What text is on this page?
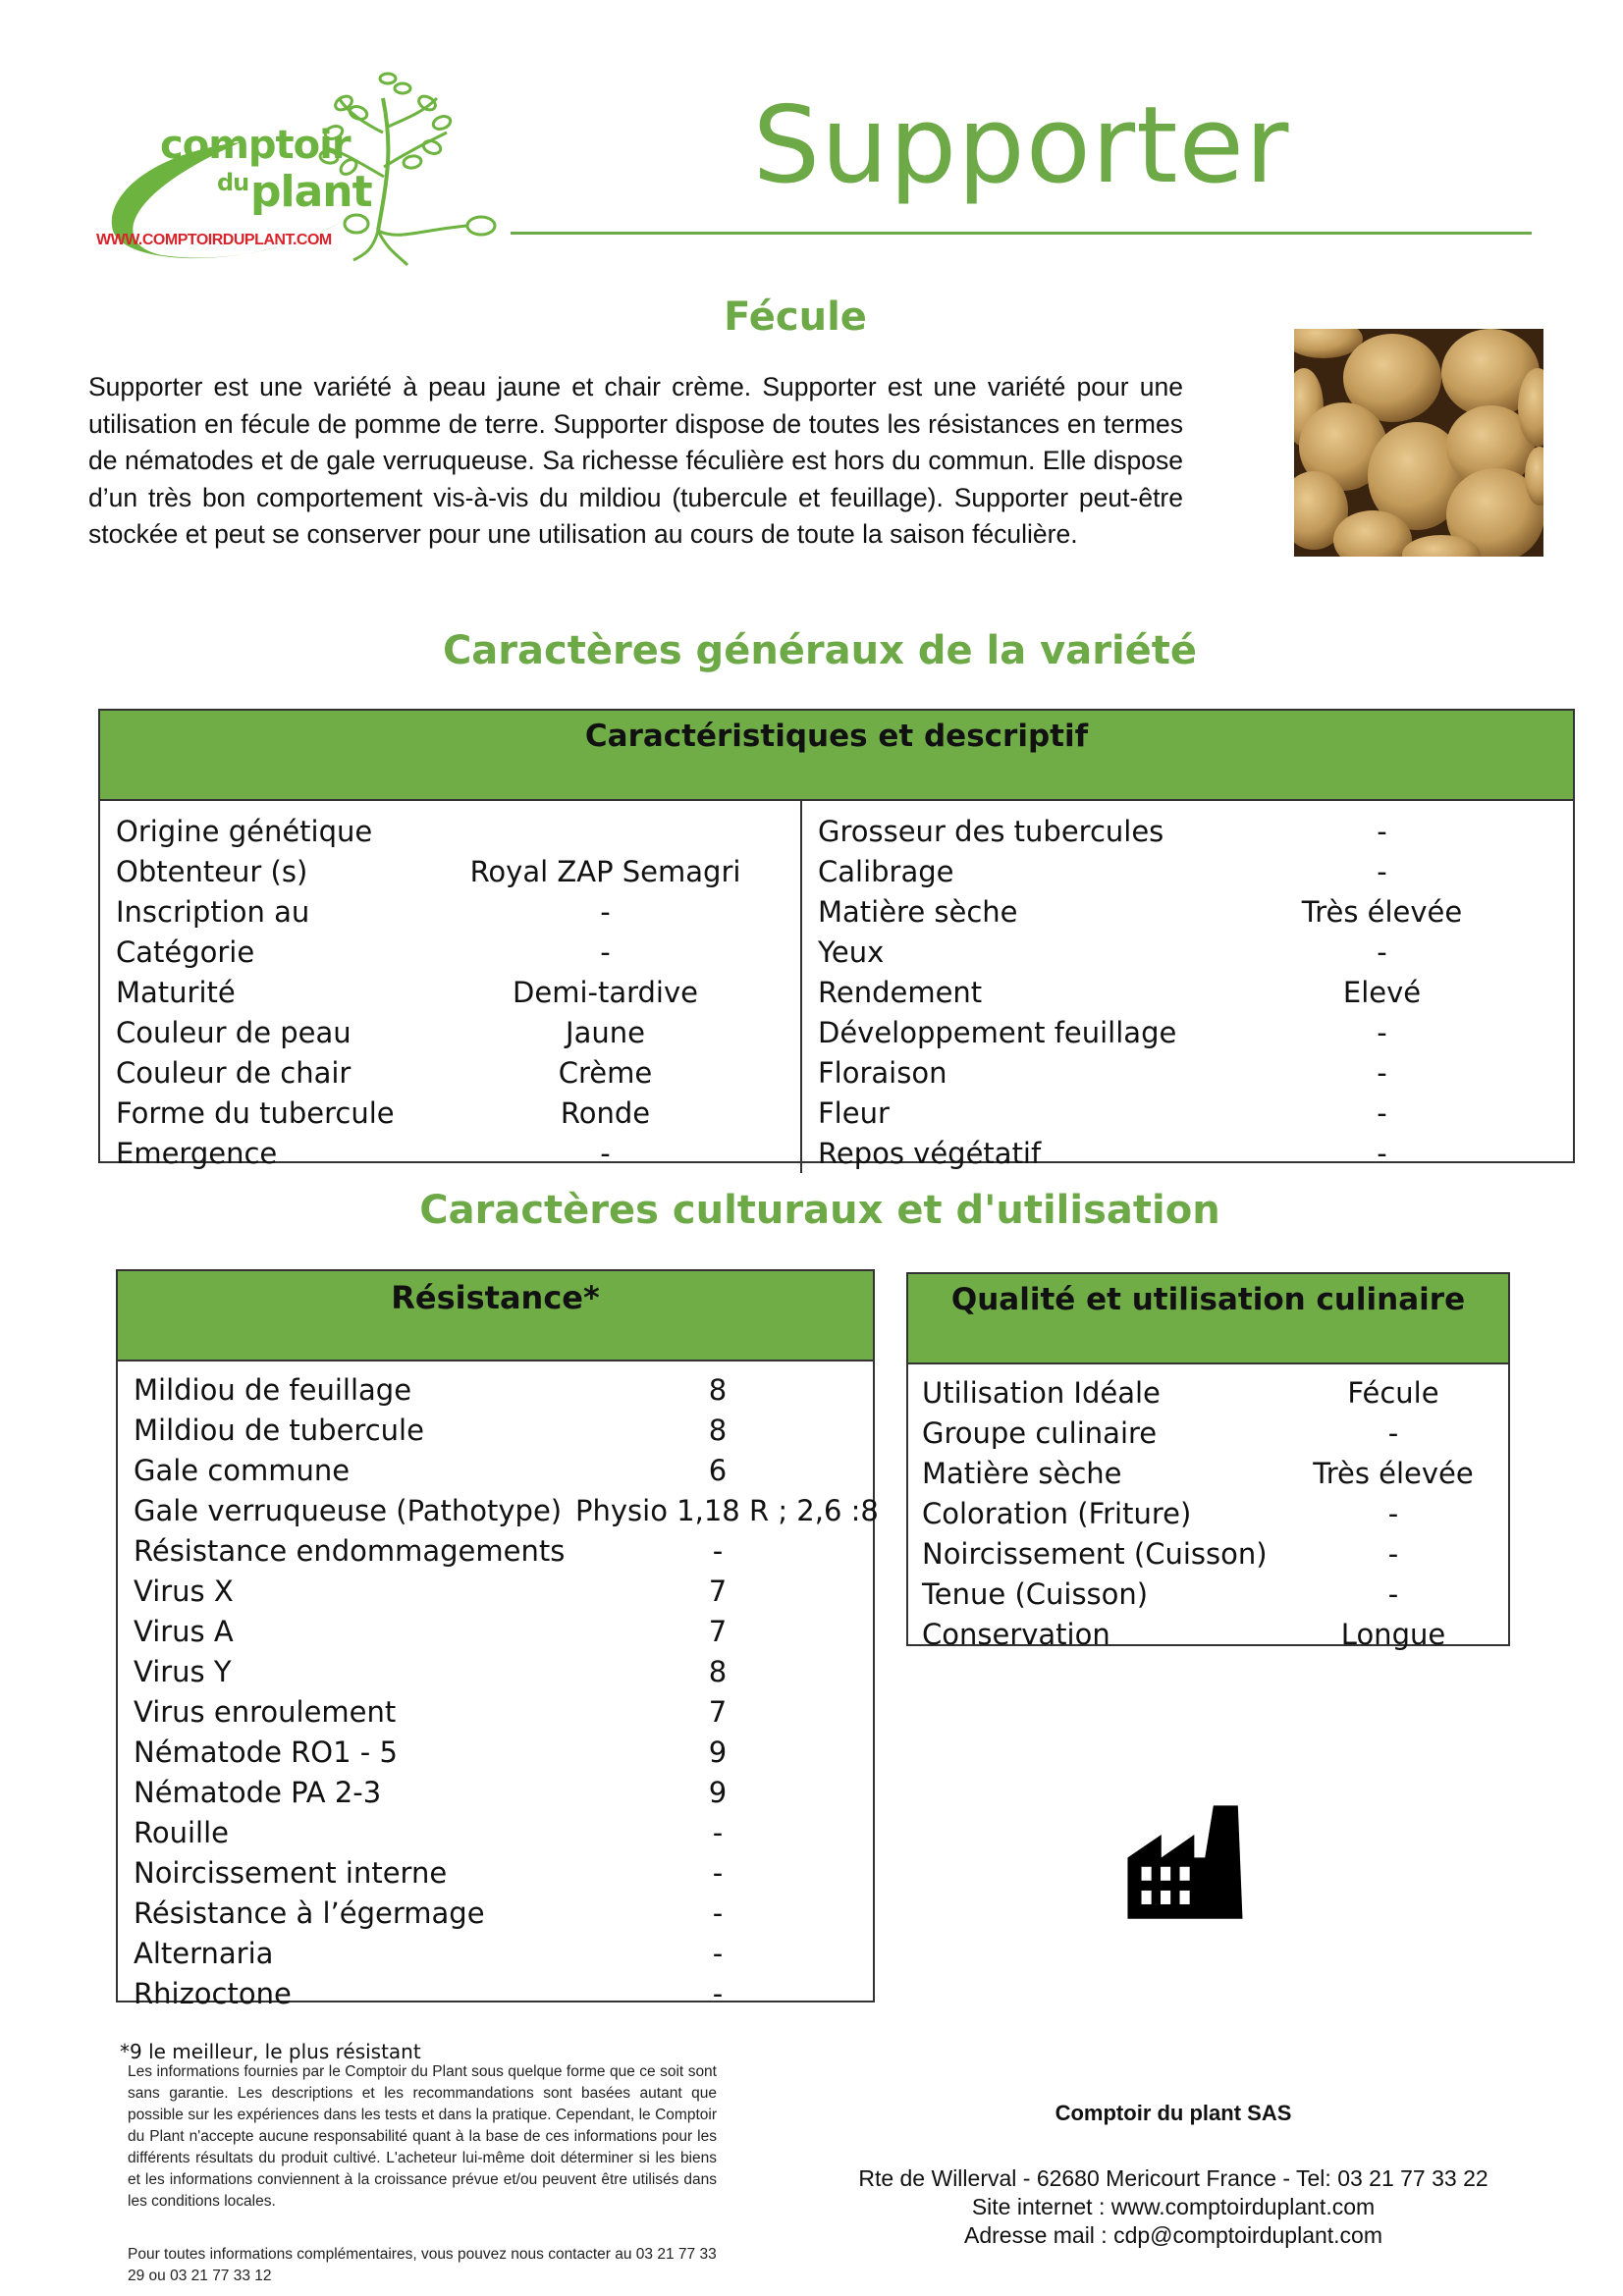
comptoir
du plant
WWW.COMPTOIRDUPLANT.COM
Supporter
Fécule

Supporter est une variété à peau jaune et chair crème. Supporter est une variété pour une utilisation en fécule de pomme de terre. Supporter dispose de toutes les résistances en termes de nématodes et de gale verruqueuse. Sa richesse féculière est hors du commun. Elle dispose d’un très bon comportement vis-à-vis du mildiou (tubercule et feuillage). Supporter peut-être stockée et peut se conserver pour une utilisation au cours de toute la saison féculière.

Caractères généraux de la variété
Caractéristiques et descriptif
Origine génétique
Obtenteur (s)	Royal ZAP Semagri
Inscription au	-
Catégorie	-
Maturité	Demi-tardive
Couleur de peau	Jaune
Couleur de chair	Crème
Forme du tubercule	Ronde
Emergence	-
Grosseur des tubercules	-
Calibrage	-
Matière sèche	Très élevée
Yeux	-
Rendement	Elevé
Développement feuillage	-
Floraison	-
Fleur	-
Repos végétatif	-
Caractères culturaux et d'utilisation
Résistance*
Mildiou de feuillage	8
Mildiou de tubercule	8
Gale commune	6
Gale verruqueuse (Pathotype) Physio 1,18 R ; 2,6 :8
Résistance endommagements	-
Virus X	7
Virus A	7
Virus Y	8
Virus enroulement	7
Nématode RO1 - 5	9
Nématode PA 2-3	9
Rouille	-
Noircissement interne	-
Résistance à l’égermage	-
Alternaria	-
Rhizoctone	-
Qualité et utilisation culinaire
Utilisation Idéale	Fécule
Groupe culinaire	-
Matière sèche	Très élevée
Coloration (Friture)	-
Noircissement (Cuisson)	-
Tenue (Cuisson)	-
Conservation	Longue
*9 le meilleur, le plus résistant

Les informations fournies par le Comptoir du Plant sous quelque forme que ce soit sont sans garantie. Les descriptions et les recommandations sont basées autant que possible sur les expériences dans les tests et dans la pratique. Cependant, le Comptoir du Plant n'accepte aucune responsabilité quant à la base de ces informations pour les différents résultats du produit cultivé. L'acheteur lui-même doit déterminer si les biens et les informations conviennent à la croissance prévue et/ou peuvent être utilisés dans les conditions locales.

Pour toutes informations complémentaires, vous pouvez nous contacter au 03 21 77 33 29 ou 03 21 77 33 12

Comptoir du plant SAS
Rte de Willerval - 62680 Mericourt France - Tel: 03 21 77 33 22
Site internet : www.comptoirduplant.com
Adresse mail : cdp@comptoirduplant.com
